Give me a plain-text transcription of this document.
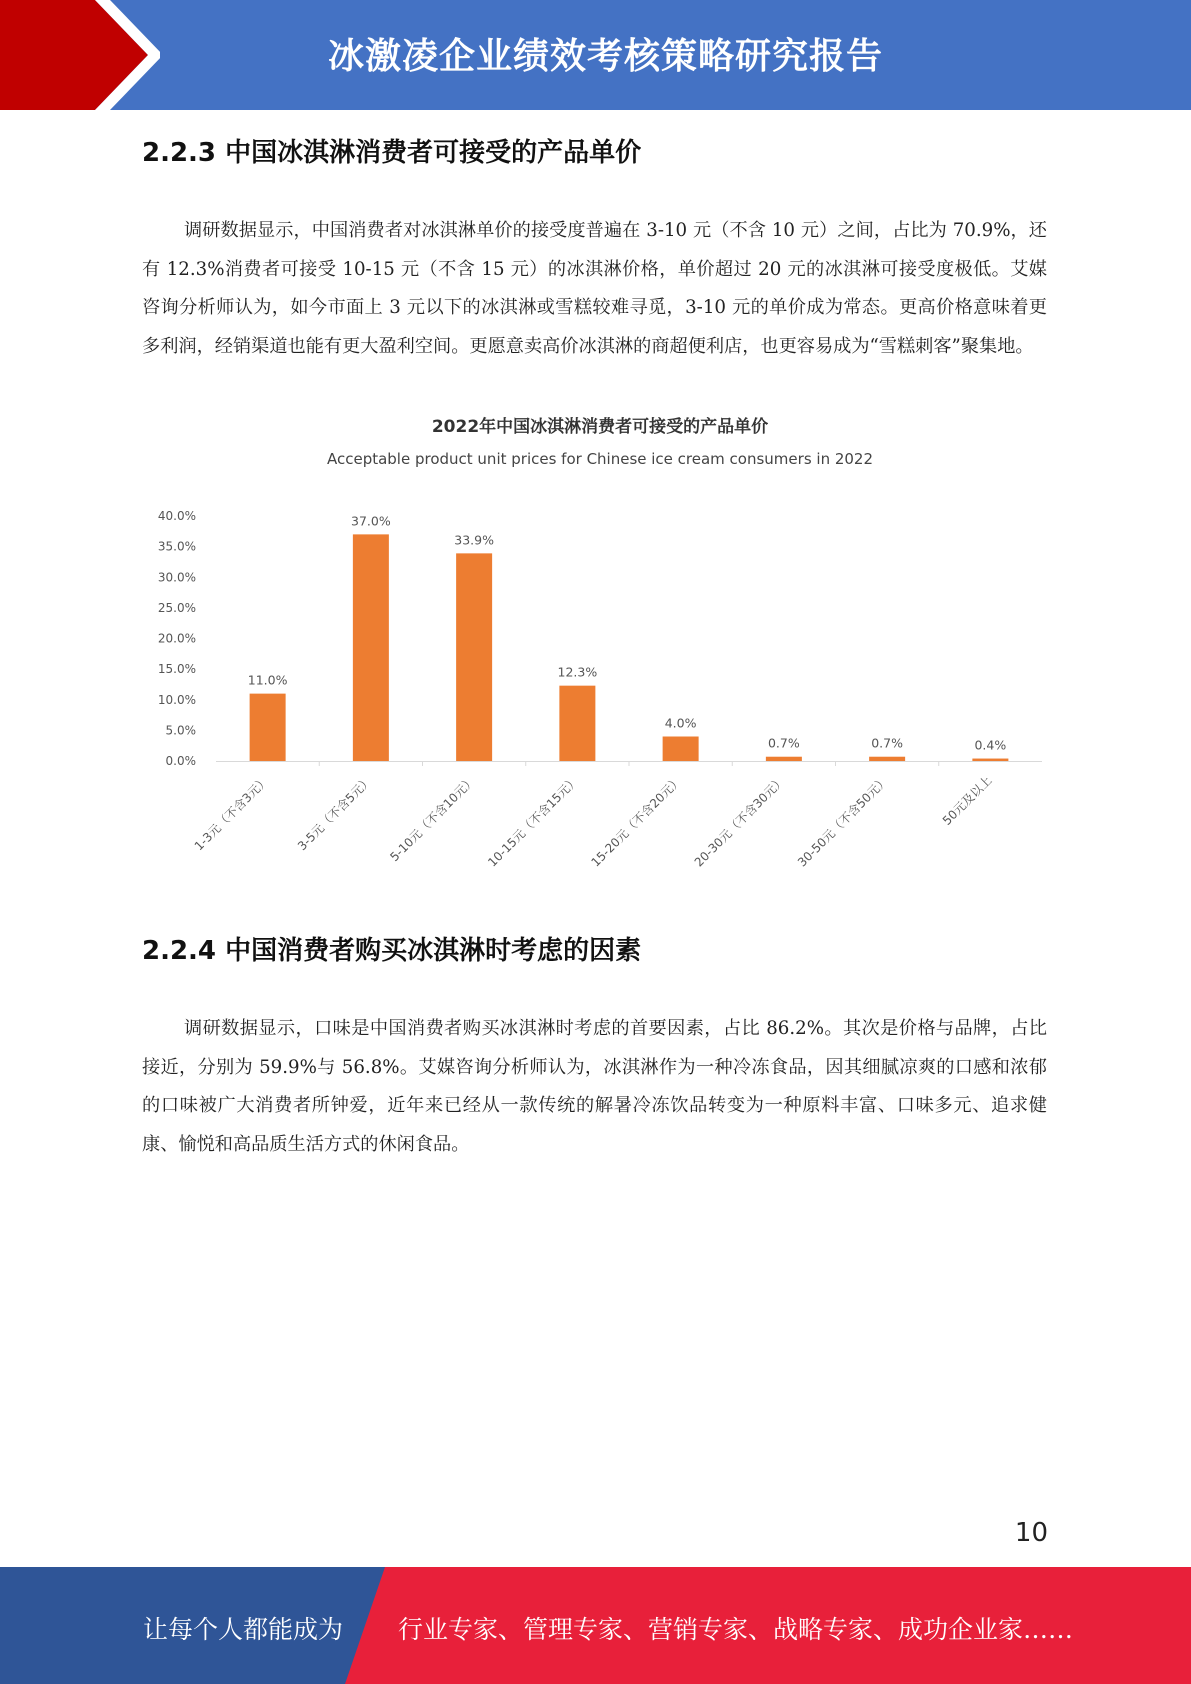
冰激凌企业绩效考核策略研究报告
2.2.3 中国冰淇淋消费者可接受的产品单价

调研数据显示，中国消费者对冰淇淋单价的接受度普遍在 3-10 元（不含 10 元）之间，占比为 70.9%，还有 12.3%消费者可接受 10-15 元（不含 15 元）的冰淇淋价格，单价超过 20 元的冰淇淋可接受度极低。艾媒咨询分析师认为，如今市面上 3 元以下的冰淇淋或雪糕较难寻觅，3-10 元的单价成为常态。更高价格意味着更多利润，经销渠道也能有更大盈利空间。更愿意卖高价冰淇淋的商超便利店，也更容易成为“雪糕刺客”聚集地。

2022年中国冰淇淋消费者可接受的产品单价
Acceptable product unit prices for Chinese ice cream consumers in 2022
0.0%
5.0%
10.0%
15.0%
20.0%
25.0%
30.0%
35.0%
40.0%
11.0%
1-3元（不含3元）
37.0%
3-5元（不含5元）
33.9%
5-10元（不含10元）
12.3%
10-15元（不含15元）
4.0%
15-20元（不含20元）
0.7%
20-30元（不含30元）
0.7%
30-50元（不含50元）
0.4%
50元及以上
2.2.4 中国消费者购买冰淇淋时考虑的因素

调研数据显示，口味是中国消费者购买冰淇淋时考虑的首要因素，占比 86.2%。其次是价格与品牌，占比接近，分别为 59.9%与 56.8%。艾媒咨询分析师认为，冰淇淋作为一种冷冻食品，因其细腻凉爽的口感和浓郁的口味被广大消费者所钟爱，近年来已经从一款传统的解暑冷冻饮品转变为一种原料丰富、口味多元、追求健康、愉悦和高品质生活方式的休闲食品。

10
让每个人都能成为 行业专家、管理专家、营销专家、战略专家、成功企业家……
